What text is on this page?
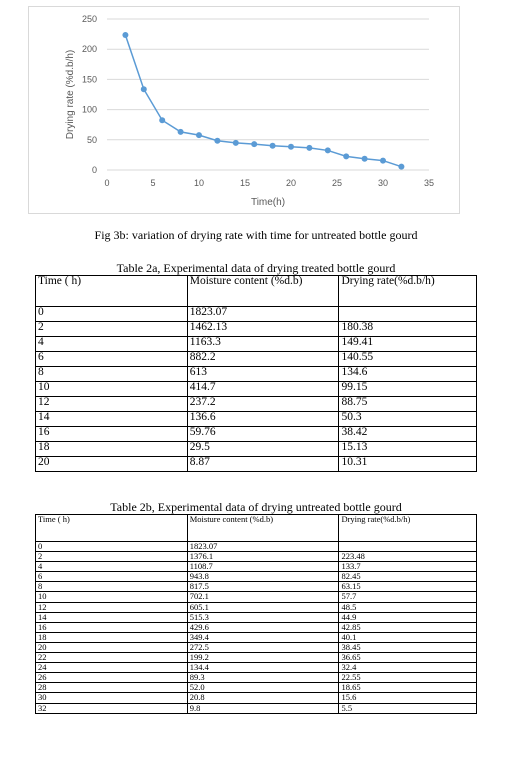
0
50
100
150
200
250
0	5	10	15	20	25	30	35
Time(h)
Drying rate (%d.b/h)
Fig 3b: variation of drying rate with time for untreated bottle gourd
Table 2a, Experimental data of drying treated bottle gourd
Time ( h)	Moisture content (%d.b)	Drying rate(%d.b/h)
0	1823.07	
2	1462.13	180.38
4	1163.3	149.41
6	882.2	140.55
8	613	134.6
10	414.7	99.15
12	237.2	88.75
14	136.6	50.3
16	59.76	38.42
18	29.5	15.13
20	8.87	10.31
Table 2b, Experimental data of drying untreated bottle gourd
Time ( h)	Moisture content (%d.b)	Drying rate(%d.b/h)
0	1823.07	
2	1376.1	223.48
4	1108.7	133.7
6	943.8	82.45
8	817.5	63.15
10	702.1	57.7
12	605.1	48.5
14	515.3	44.9
16	429.6	42.85
18	349.4	40.1
20	272.5	38.45
22	199.2	36.65
24	134.4	32.4
26	89.3	22.55
28	52.0	18.65
30	20.8	15.6
32	9.8	5.5
